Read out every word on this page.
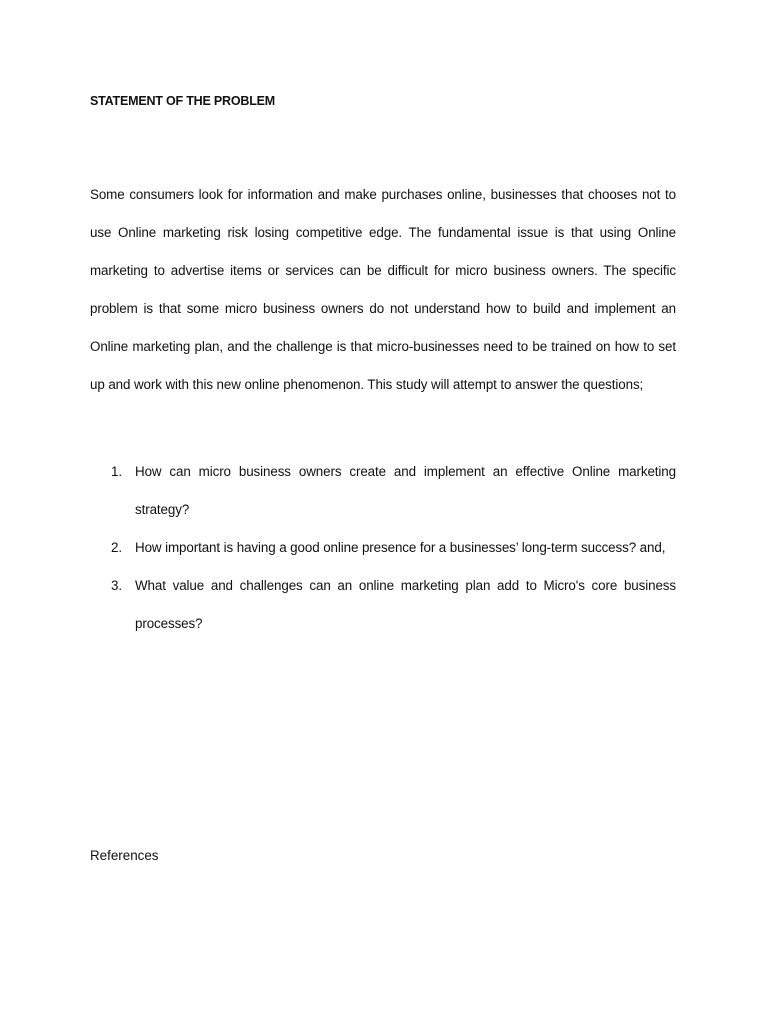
STATEMENT OF THE PROBLEM
Some consumers look for information and make purchases online, businesses that chooses not to use Online marketing risk losing competitive edge. The fundamental issue is that using Online marketing to advertise items or services can be difficult for micro business owners. The specific problem is that some micro business owners do not understand how to build and implement an Online marketing plan, and the challenge is that micro-businesses need to be trained on how to set up and work with this new online phenomenon. This study will attempt to answer the questions;
1. How can micro business owners create and implement an effective Online marketing strategy?
2. How important is having a good online presence for a businesses’ long-term success? and,
3. What value and challenges can an online marketing plan add to Micro's core business processes?
References
